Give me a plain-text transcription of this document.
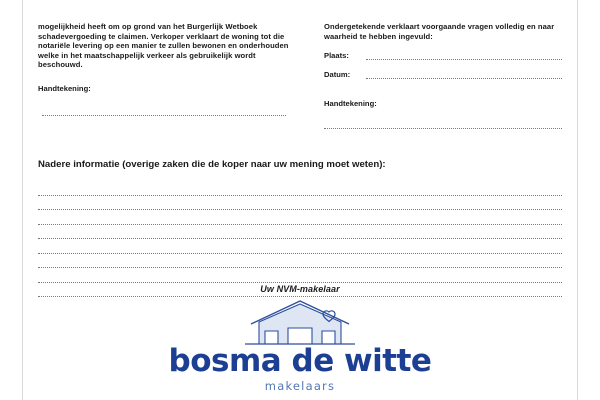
mogelijkheid heeft om op grond van het Burgerlijk Wetboek schadevergoeding te claimen. Verkoper verklaart de woning tot die notariële levering op een manier te zullen bewonen en onderhouden welke in het maatschappelijk verkeer als gebruikelijk wordt beschouwd.

Handtekening:

Ondergetekende verklaart voorgaande vragen volledig en naar waarheid te hebben ingevuld:

Plaats:
Datum:
Handtekening:
Nadere informatie (overige zaken die de koper naar uw mening moet weten):
Uw NVM-makelaar
bosma de witte
makelaars
